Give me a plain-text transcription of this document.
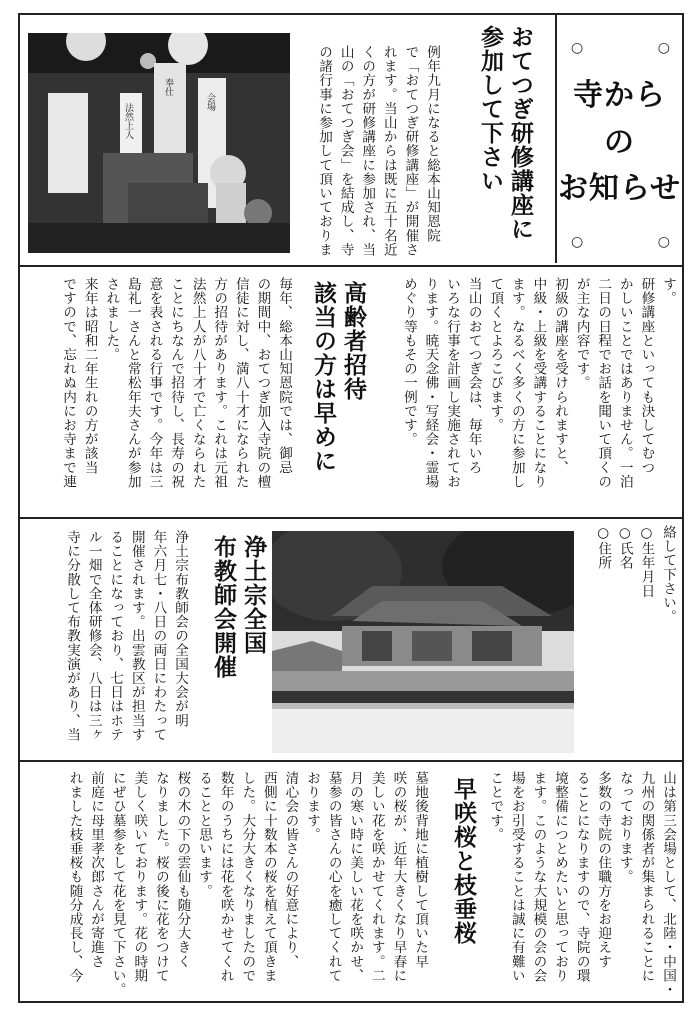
○	○
○	○
寺から
の
お知らせ
おてつぎ研修講座に
参加して下さい
例年九月になると総本山知恩院
で「おてつぎ研修講座」が開催さ
れます。当山からは既に五十名近
くの方が研修講座に参加され、当
山の「おてつぎ会」を結成し、寺
の諸行事に参加して頂いておりま
法然上人
奉仕
会場
す。
研修講座といっても決してむつ
かしいことではありません。一泊
二日の日程でお話を聞いて頂くの
が主な内容です。
初級の講座を受けられますと、
中級・上級を受講することになり
ます。なるべく多くの方に参加し
て頂くとよろこびます。
当山のおてつぎ会は、毎年いろ
いろな行事を計画し実施されてお
ります。暁天念佛・写経会・霊場
めぐり等もその一例です。
高齢者招待
該当の方は早めに
毎年、総本山知恩院では、御忌
の期間中、おてつぎ加入寺院の檀
信徒に対し、満八十才になられた
方の招待があります。これは元祖
法然上人が八十才で亡くなられた
ことにちなんで招待し、長寿の祝
意を表される行事です。今年は三
島礼一さんと常松年夫さんが参加
されました。
来年は昭和二年生れの方が該当
ですので、忘れぬ内にお寺まで連
絡して下さい。
○生年月日
○氏名
○住所
浄土宗全国
布教師会開催
浄土宗布教師会の全国大会が明
年六月七・八日の両日にわたって
開催されます。出雲教区が担当す
ることになっており、七日はホテ
ル一畑で全体研修会、八日は三ヶ
寺に分散して布教実演があり、当
山は第三会場として、北陸・中国・
九州の関係者が集まられることに
なっております。
多数の寺院の住職方をお迎えす
ることになりますので、寺院の環
境整備につとめたいと思っており
ます。このような大規模の会の会
場をお引受することは誠に有難い
ことです。
早咲桜と枝垂桜
墓地後背地に植樹して頂いた早
咲の桜が、近年大きくなり早春に
美しい花を咲かせてくれます。二
月の寒い時に美しい花を咲かせ、
墓参の皆さんの心を癒してくれて
おります。
清心会の皆さんの好意により、
西側に十数本の桜を植えて頂きま
した。大分大きくなりましたので
数年のうちには花を咲かせてくれ
ることと思います。
桜の木の下の雲仙も随分大きく
なりました。桜の後に花をつけて
美しく咲いております。花の時期
にぜひ墓参をして花を見て下さい。
前庭に母里孝次郎さんが寄進さ
れました枝垂桜も随分成長し、今
